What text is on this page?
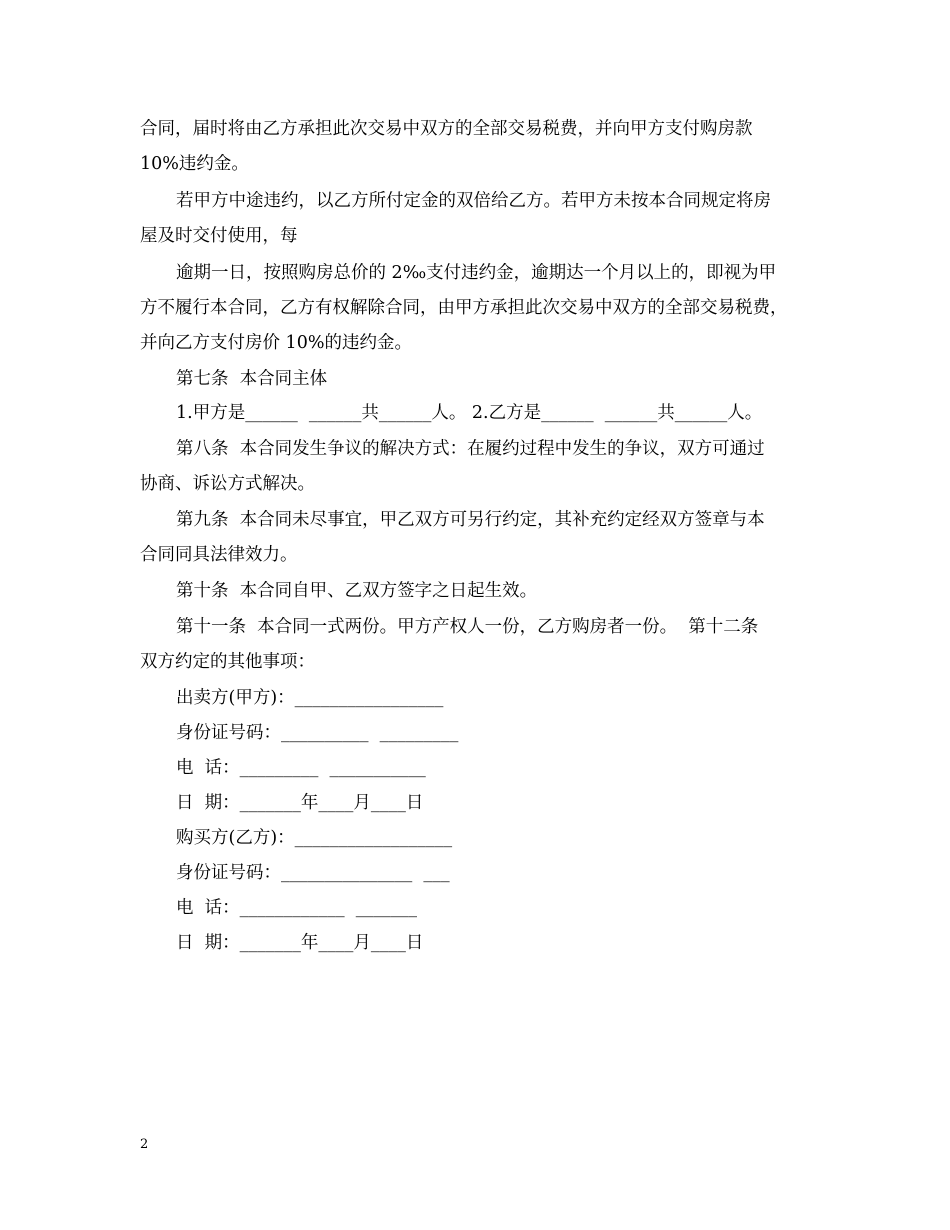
合同，届时将由乙方承担此次交易中双方的全部交易税费，并向甲方支付购房款
10%违约金。
若甲方中途违约，以乙方所付定金的双倍给乙方。若甲方未按本合同规定将房
屋及时交付使用，每
逾期一日，按照购房总价的 2‰支付违约金，逾期达一个月以上的，即视为甲
方不履行本合同，乙方有权解除合同，由甲方承担此次交易中双方的全部交易税费，
并向乙方支付房价 10%的违约金。
第七条  本合同主体
1.甲方是______  ______共______人。 2.乙方是______  ______共______人。
第八条  本合同发生争议的解决方式：在履约过程中发生的争议，双方可通过
协商、诉讼方式解决。
第九条  本合同未尽事宜，甲乙双方可另行约定，其补充约定经双方签章与本
合同同具法律效力。
第十条  本合同自甲、乙双方签字之日起生效。
第十一条  本合同一式两份。甲方产权人一份，乙方购房者一份。  第十二条
双方约定的其他事项：
出卖方(甲方)：_________________
身份证号码：__________  _________
电  话：_________  ___________
日  期：_______年____月____日
购买方(乙方)：__________________
身份证号码：_______________  ___
电  话：____________  _______
日  期：_______年____月____日
2
